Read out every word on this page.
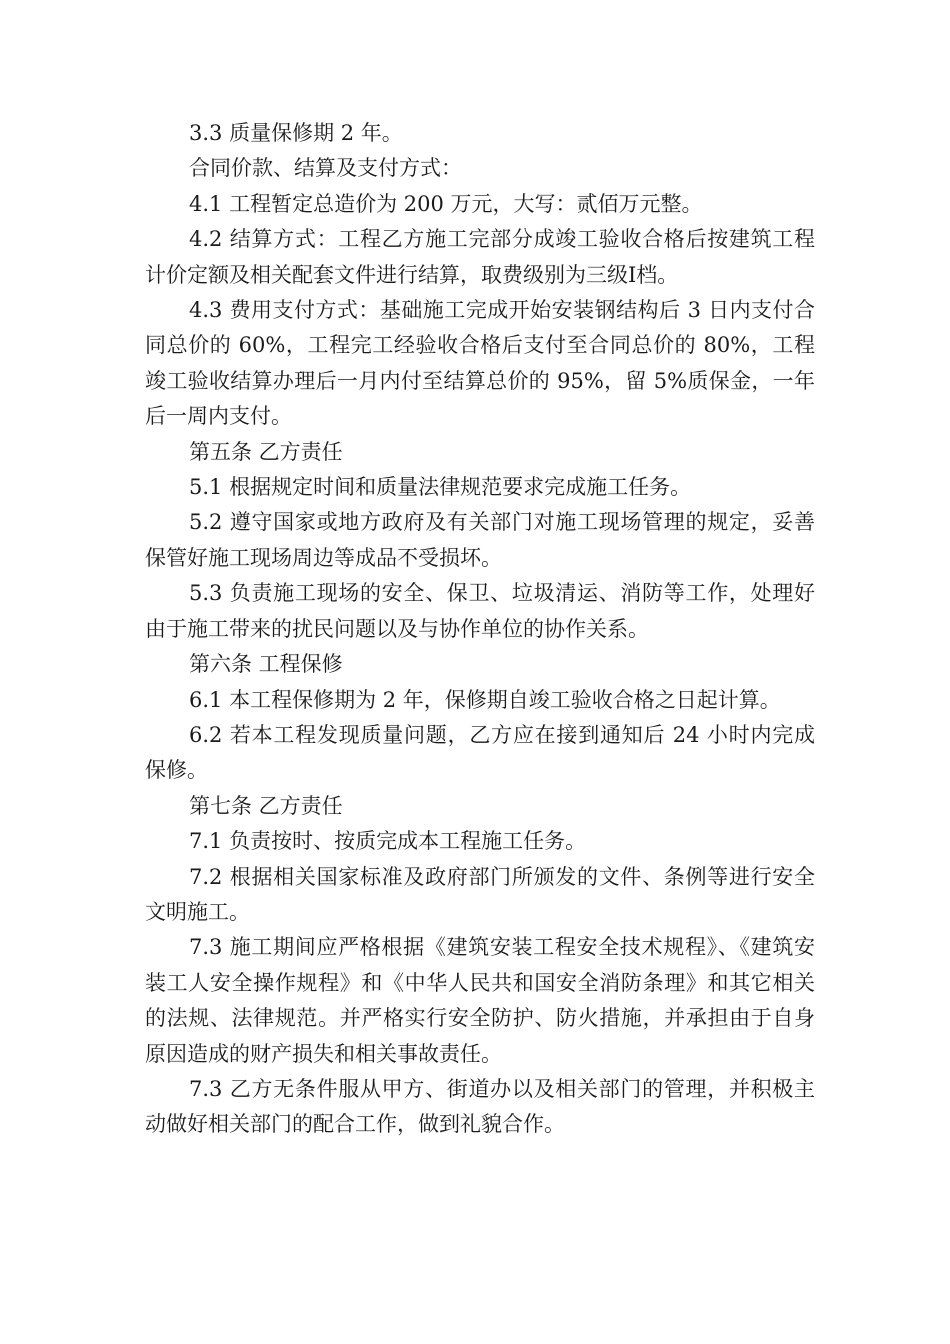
3.3 质量保修期 2 年。

合同价款、结算及支付方式：

4.1 工程暂定总造价为 200 万元，大写：贰佰万元整。

4.2 结算方式：工程乙方施工完部分成竣工验收合格后按建筑工程计价定额及相关配套文件进行结算，取费级别为三级Ⅰ档。

4.3 费用支付方式：基础施工完成开始安装钢结构后 3 日内支付合同总价的 60%，工程完工经验收合格后支付至合同总价的 80%，工程竣工验收结算办理后一月内付至结算总价的 95%，留 5%质保金，一年后一周内支付。

第五条 乙方责任

5.1 根据规定时间和质量法律规范要求完成施工任务。

5.2 遵守国家或地方政府及有关部门对施工现场管理的规定，妥善保管好施工现场周边等成品不受损坏。

5.3 负责施工现场的安全、保卫、垃圾清运、消防等工作，处理好由于施工带来的扰民问题以及与协作单位的协作关系。

第六条 工程保修

6.1 本工程保修期为 2 年，保修期自竣工验收合格之日起计算。

6.2 若本工程发现质量问题，乙方应在接到通知后 24 小时内完成保修。

第七条 乙方责任

7.1 负责按时、按质完成本工程施工任务。

7.2 根据相关国家标准及政府部门所颁发的文件、条例等进行安全文明施工。

7.3 施工期间应严格根据《建筑安装工程安全技术规程》、《建筑安装工人安全操作规程》和《中华人民共和国安全消防条理》和其它相关的法规、法律规范。并严格实行安全防护、防火措施，并承担由于自身原因造成的财产损失和相关事故责任。

7.3 乙方无条件服从甲方、街道办以及相关部门的管理，并积极主动做好相关部门的配合工作，做到礼貌合作。
